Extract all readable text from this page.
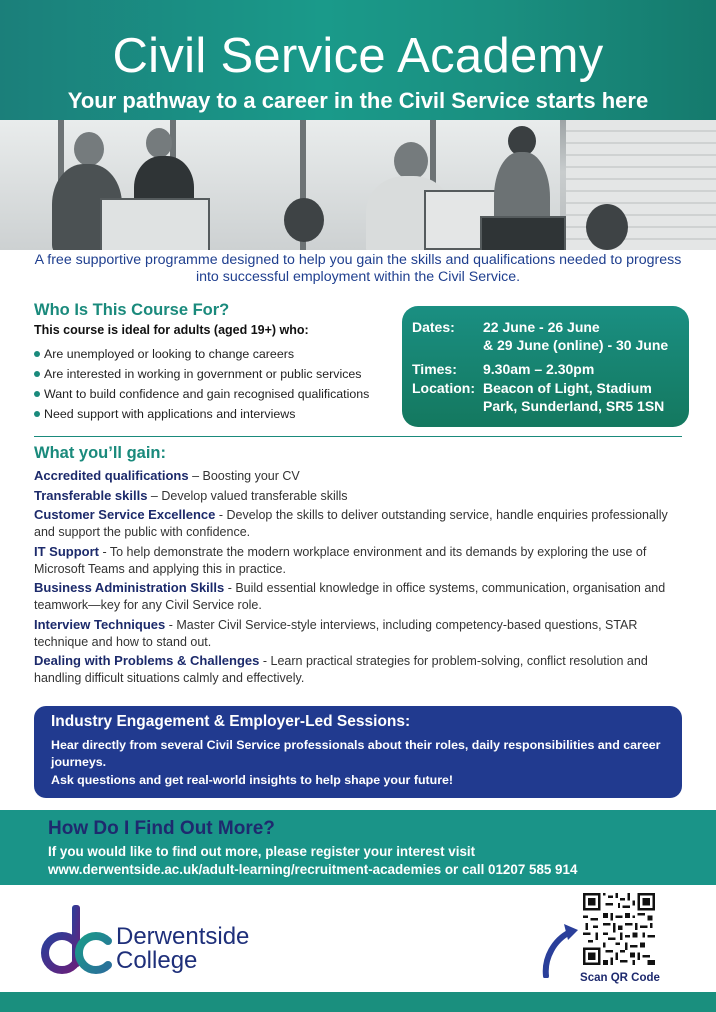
Civil Service Academy
Your pathway to a career in the Civil Service starts here
A free supportive programme designed to help you gain the skills and qualifications needed to progress into successful employment within the Civil Service.
Who Is This Course For?
This course is ideal for adults (aged 19+) who:
Are unemployed or looking to change careers
Are interested in working in government or public services
Want to build confidence and gain recognised qualifications
Need support with applications and interviews
Dates: 22 June - 26 June
& 29 June (online) - 30 June
Times: 9.30am – 2.30pm
Location: Beacon of Light, Stadium
Park, Sunderland, SR5 1SN
What you’ll gain:
Accredited qualifications – Boosting your CV
Transferable skills – Develop valued transferable skills
Customer Service Excellence - Develop the skills to deliver outstanding service, handle enquiries professionally and support the public with confidence.
IT Support - To help demonstrate the modern workplace environment and its demands by exploring the use of Microsoft Teams and applying this in practice.
Business Administration Skills - Build essential knowledge in office systems, communication, organisation and teamwork—key for any Civil Service role.
Interview Techniques - Master Civil Service-style interviews, including competency-based questions, STAR technique and how to stand out.
Dealing with Problems & Challenges - Learn practical strategies for problem-solving, conflict resolution and handling difficult situations calmly and effectively.
Industry Engagement & Employer-Led Sessions:
Hear directly from several Civil Service professionals about their roles, daily responsibilities and career journeys.
Ask questions and get real-world insights to help shape your future!
How Do I Find Out More?
If you would like to find out more, please register your interest visit
www.derwentside.ac.uk/adult-learning/recruitment-academies or call 01207 585 914
Derwentside
College
Scan QR Code
